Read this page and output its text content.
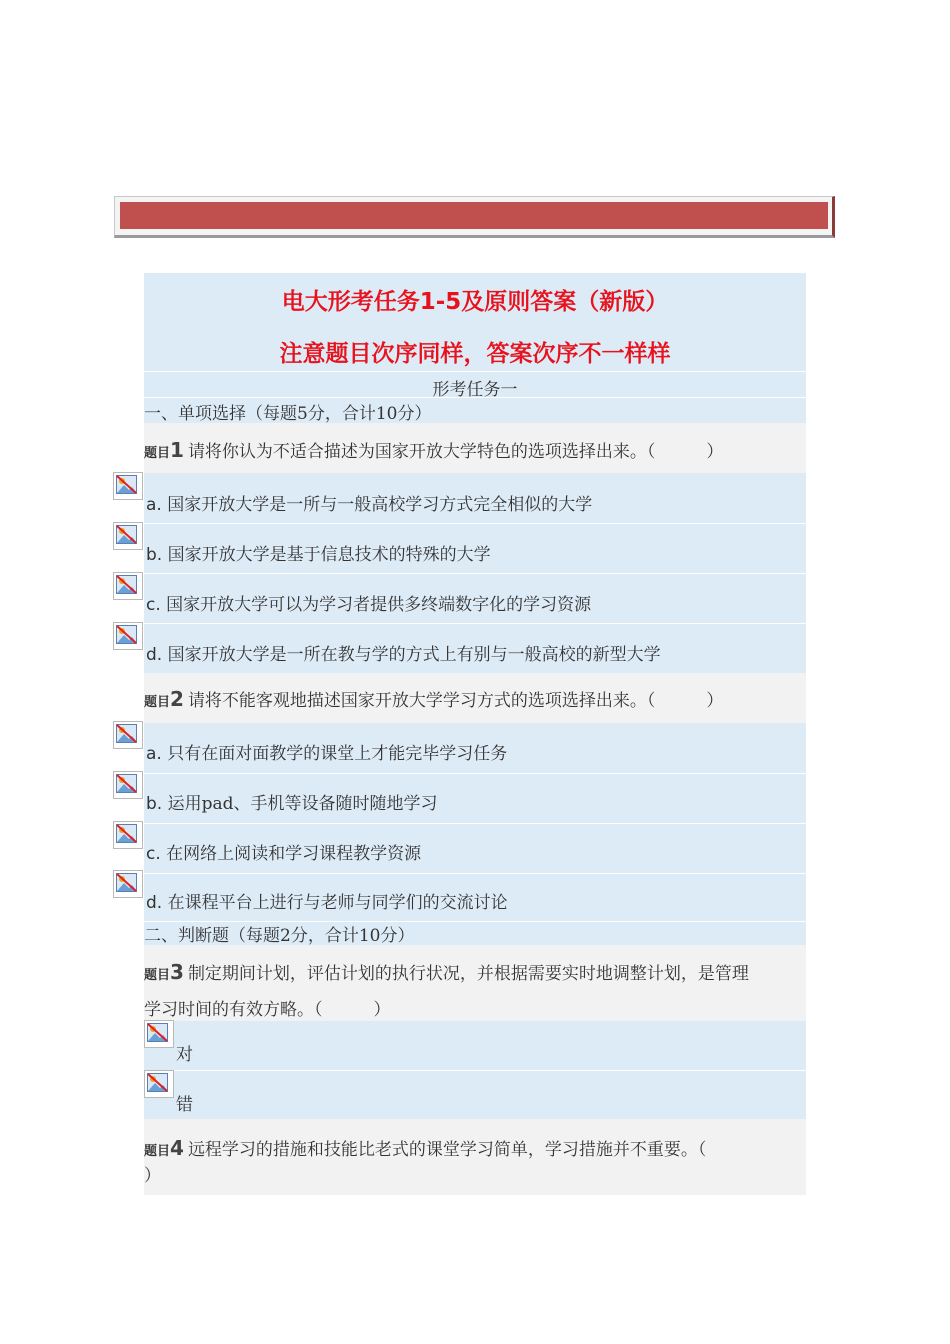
电大形考任务1-5及原则答案（新版）
注意题目次序同样，答案次序不一样样
形考任务一
一、单项选择（每题5分，合计10分）
题目1 请将你认为不适合描述为国家开放大学特色的选项选择出来。（　　　）
a. 国家开放大学是一所与一般高校学习方式完全相似的大学
b. 国家开放大学是基于信息技术的特殊的大学
c. 国家开放大学可以为学习者提供多终端数字化的学习资源
d. 国家开放大学是一所在教与学的方式上有别与一般高校的新型大学
题目2 请将不能客观地描述国家开放大学学习方式的选项选择出来。（　　　）
a. 只有在面对面教学的课堂上才能完毕学习任务
b. 运用pad、手机等设备随时随地学习
c. 在网络上阅读和学习课程教学资源
d. 在课程平台上进行与老师与同学们的交流讨论
二、判断题（每题2分，合计10分）
题目3 制定期间计划，评估计划的执行状况，并根据需要实时地调整计划，是管理
学习时间的有效方略。（　　　）
对
错
题目4 远程学习的措施和技能比老式的课堂学习简单，学习措施并不重要。（
）
